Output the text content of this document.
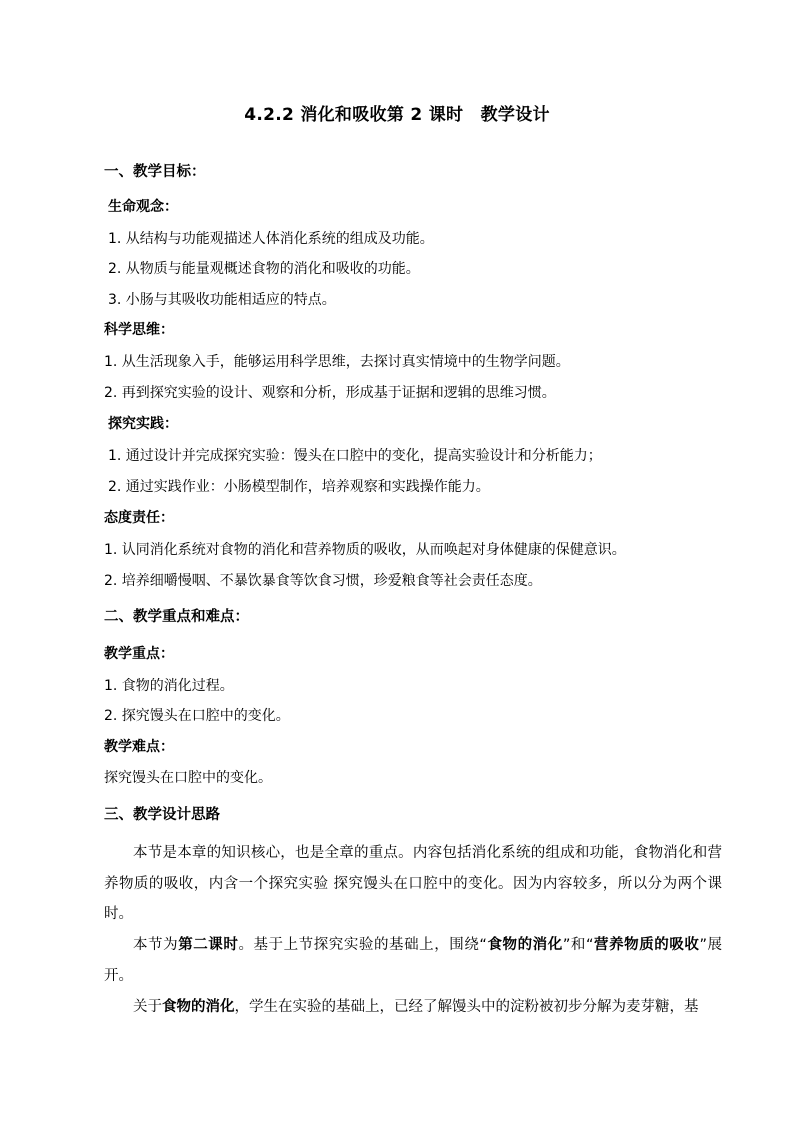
4.2.2 消化和吸收第 2 课时　教学设计
一、教学目标：
生命观念：
1. 从结构与功能观描述人体消化系统的组成及功能。
2. 从物质与能量观概述食物的消化和吸收的功能。
3. 小肠与其吸收功能相适应的特点。
科学思维：
1. 从生活现象入手，能够运用科学思维，去探讨真实情境中的生物学问题。
2. 再到探究实验的设计、观察和分析，形成基于证据和逻辑的思维习惯。
探究实践：
1. 通过设计并完成探究实验：馒头在口腔中的变化，提高实验设计和分析能力；
2. 通过实践作业：小肠模型制作，培养观察和实践操作能力。
态度责任：
1. 认同消化系统对食物的消化和营养物质的吸收，从而唤起对身体健康的保健意识。
2. 培养细嚼慢咽、不暴饮暴食等饮食习惯，珍爱粮食等社会责任态度。
二、教学重点和难点：
教学重点：
1. 食物的消化过程。
2. 探究馒头在口腔中的变化。
教学难点：
探究馒头在口腔中的变化。
三、教学设计思路
本节是本章的知识核心，也是全章的重点。内容包括消化系统的组成和功能，食物消化和营养物质的吸收，内含一个探究实验 探究馒头在口腔中的变化。因为内容较多，所以分为两个课时。
本节为第二课时。基于上节探究实验的基础上，围绕“食物的消化”和“营养物质的吸收”展开。
关于食物的消化，学生在实验的基础上，已经了解馒头中的淀粉被初步分解为麦芽糖，基
